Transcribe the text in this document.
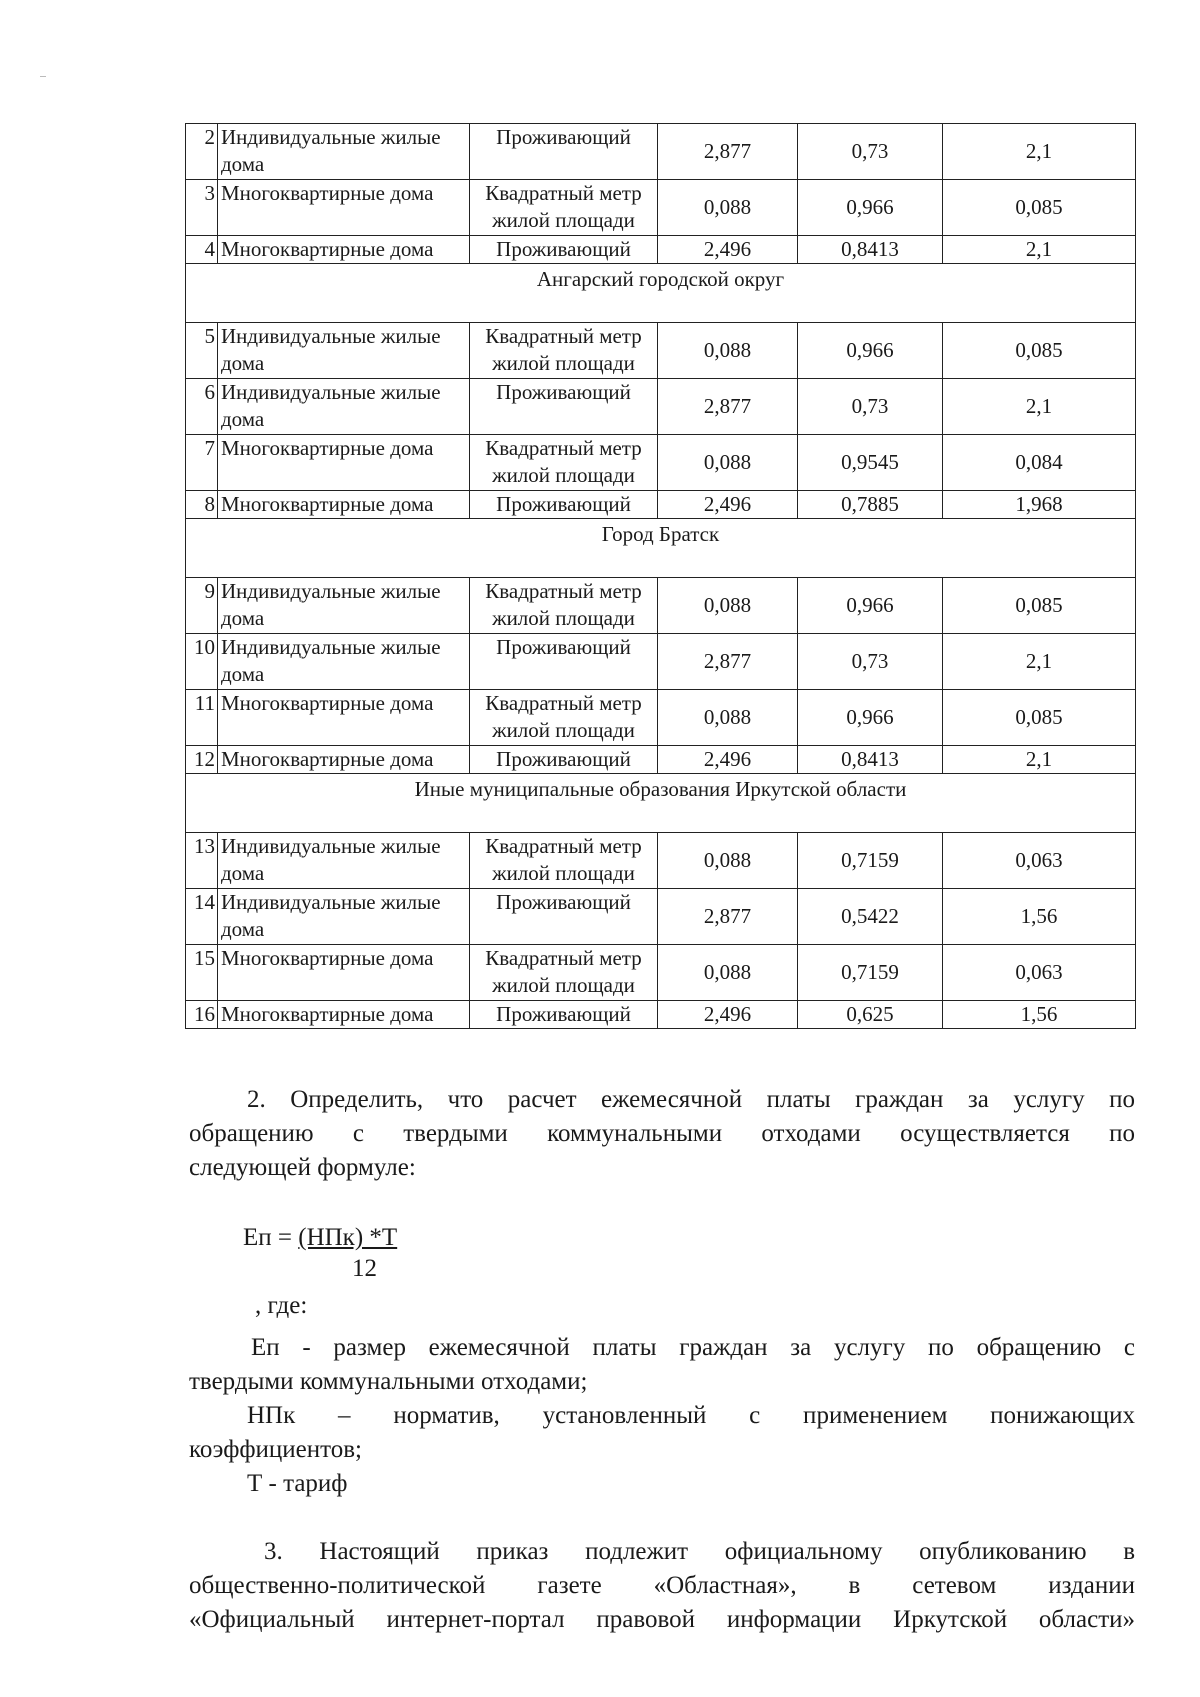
2	Индивидуальные жилые дома	Проживающий	2,877	0,73	2,1
3	Многоквартирные дома	Квадратный метр жилой площади	0,088	0,966	0,085
4	Многоквартирные дома	Проживающий	2,496	0,8413	2,1
Ангарский городской округ					
5	Индивидуальные жилые дома	Квадратный метр жилой площади	0,088	0,966	0,085
6	Индивидуальные жилые дома	Проживающий	2,877	0,73	2,1
7	Многоквартирные дома	Квадратный метр жилой площади	0,088	0,9545	0,084
8	Многоквартирные дома	Проживающий	2,496	0,7885	1,968
Город Братск					
9	Индивидуальные жилые дома	Квадратный метр жилой площади	0,088	0,966	0,085
10	Индивидуальные жилые дома	Проживающий	2,877	0,73	2,1
11	Многоквартирные дома	Квадратный метр жилой площади	0,088	0,966	0,085
12	Многоквартирные дома	Проживающий	2,496	0,8413	2,1
Иные муниципальные образования Иркутской области					
13	Индивидуальные жилые дома	Квадратный метр жилой площади	0,088	0,7159	0,063
14	Индивидуальные жилые дома	Проживающий	2,877	0,5422	1,56
15	Многоквартирные дома	Квадратный метр жилой площади	0,088	0,7159	0,063
16	Многоквартирные дома	Проживающий	2,496	0,625	1,56

2. Определить, что расчет ежемесячной платы граждан за услугу по

обращению с твердыми коммунальными отходами осуществляется по

следующей формуле:

Еп = (НПк) *Т
12
, где:

Еп - размер ежемесячной платы граждан за услугу по обращению с

твердыми коммунальными отходами;

НПк – норматив, установленный с применением понижающих

коэффициентов;

Т - тариф

3. Настоящий приказ подлежит официальному опубликованию в

общественно-политической газете «Областная», в сетевом издании

«Официальный интернет-портал правовой информации Иркутской области»
